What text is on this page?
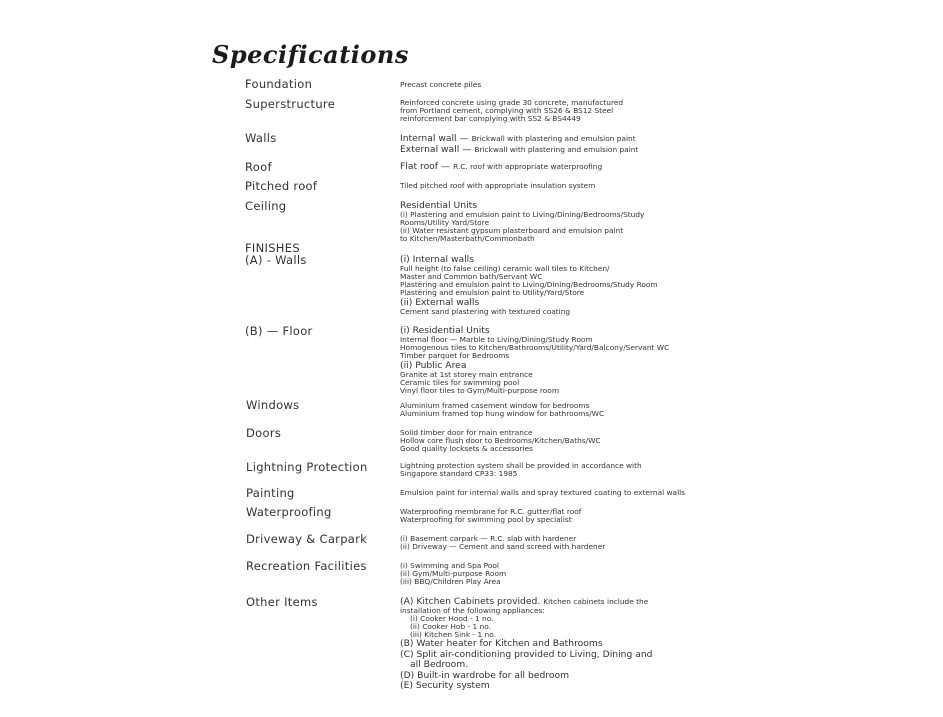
Specifications
Foundation
Superstructure
Walls
Roof
Pitched roof
Ceiling
FINISHES
(A) - Walls
(B) — Floor
Windows
Doors
Lightning Protection
Painting
Waterproofing
Driveway & Carpark
Recreation Facilities
Other Items
Precast concrete piles
Reinforced concrete using grade 30 concrete, manufactured
from Portland cement, complying with SS26 & BS12 Steel
reinforcement bar complying with SS2 & BS4449
Internal wall — Brickwall with plastering and emulsion paint
External wall — Brickwall with plastering and emulsion paint
Flat roof — R.C. roof with appropriate waterproofing
Tiled pitched roof with appropriate insulation system
Residential Units
(i) Plastering and emulsion paint to Living/Dining/Bedrooms/Study
Rooms/Utility Yard/Store
(ii) Water resistant gypsum plasterboard and emulsion paint
to Kitchen/Masterbath/Commonbath
(i) Internal walls
Full height (to false ceiling) ceramic wall tiles to Kitchen/
Master and Common bath/Servant WC
Plastering and emulsion paint to Living/Dining/Bedrooms/Study Room
Plastering and emulsion paint to Utility/Yard/Store
(ii) External walls
Cement sand plastering with textured coating
(i) Residential Units
Internal floor — Marble to Living/Dining/Study Room
Homogenous tiles to Kitchen/Bathrooms/Utility/Yard/Balcony/Servant WC
Timber parquet for Bedrooms
(ii) Public Area
Granite at 1st storey main entrance
Ceramic tiles for swimming pool
Vinyl floor tiles to Gym/Multi-purpose room
Aluminium framed casement window for bedrooms
Aluminium framed top hung window for bathrooms/WC
Solid timber door for main entrance
Hollow core flush door to Bedrooms/Kitchen/Baths/WC
Good quality locksets & accessories
Lightning protection system shall be provided in accordance with
Singapore standard CP33: 1985
Emulsion paint for internal walls and spray textured coating to external walls
Waterproofing membrane for R.C. gutter/flat roof
Waterproofing for swimming pool by specialist
(i) Basement carpark — R.C. slab with hardener
(ii) Driveway — Cement and sand screed with hardener
(i) Swimming and Spa Pool
(ii) Gym/Multi-purpose Room
(iii) BBQ/Children Play Area
(A) Kitchen Cabinets provided. Kitchen cabinets include the
installation of the following appliances:
(i) Cooker Hood - 1 no.
(ii) Cooker Hob - 1 no.
(iii) Kitchen Sink - 1 no.
(B) Water heater for Kitchen and Bathrooms
(C) Split air-conditioning provided to Living, Dining and
all Bedroom.
(D) Built-in wardrobe for all bedroom
(E) Security system
